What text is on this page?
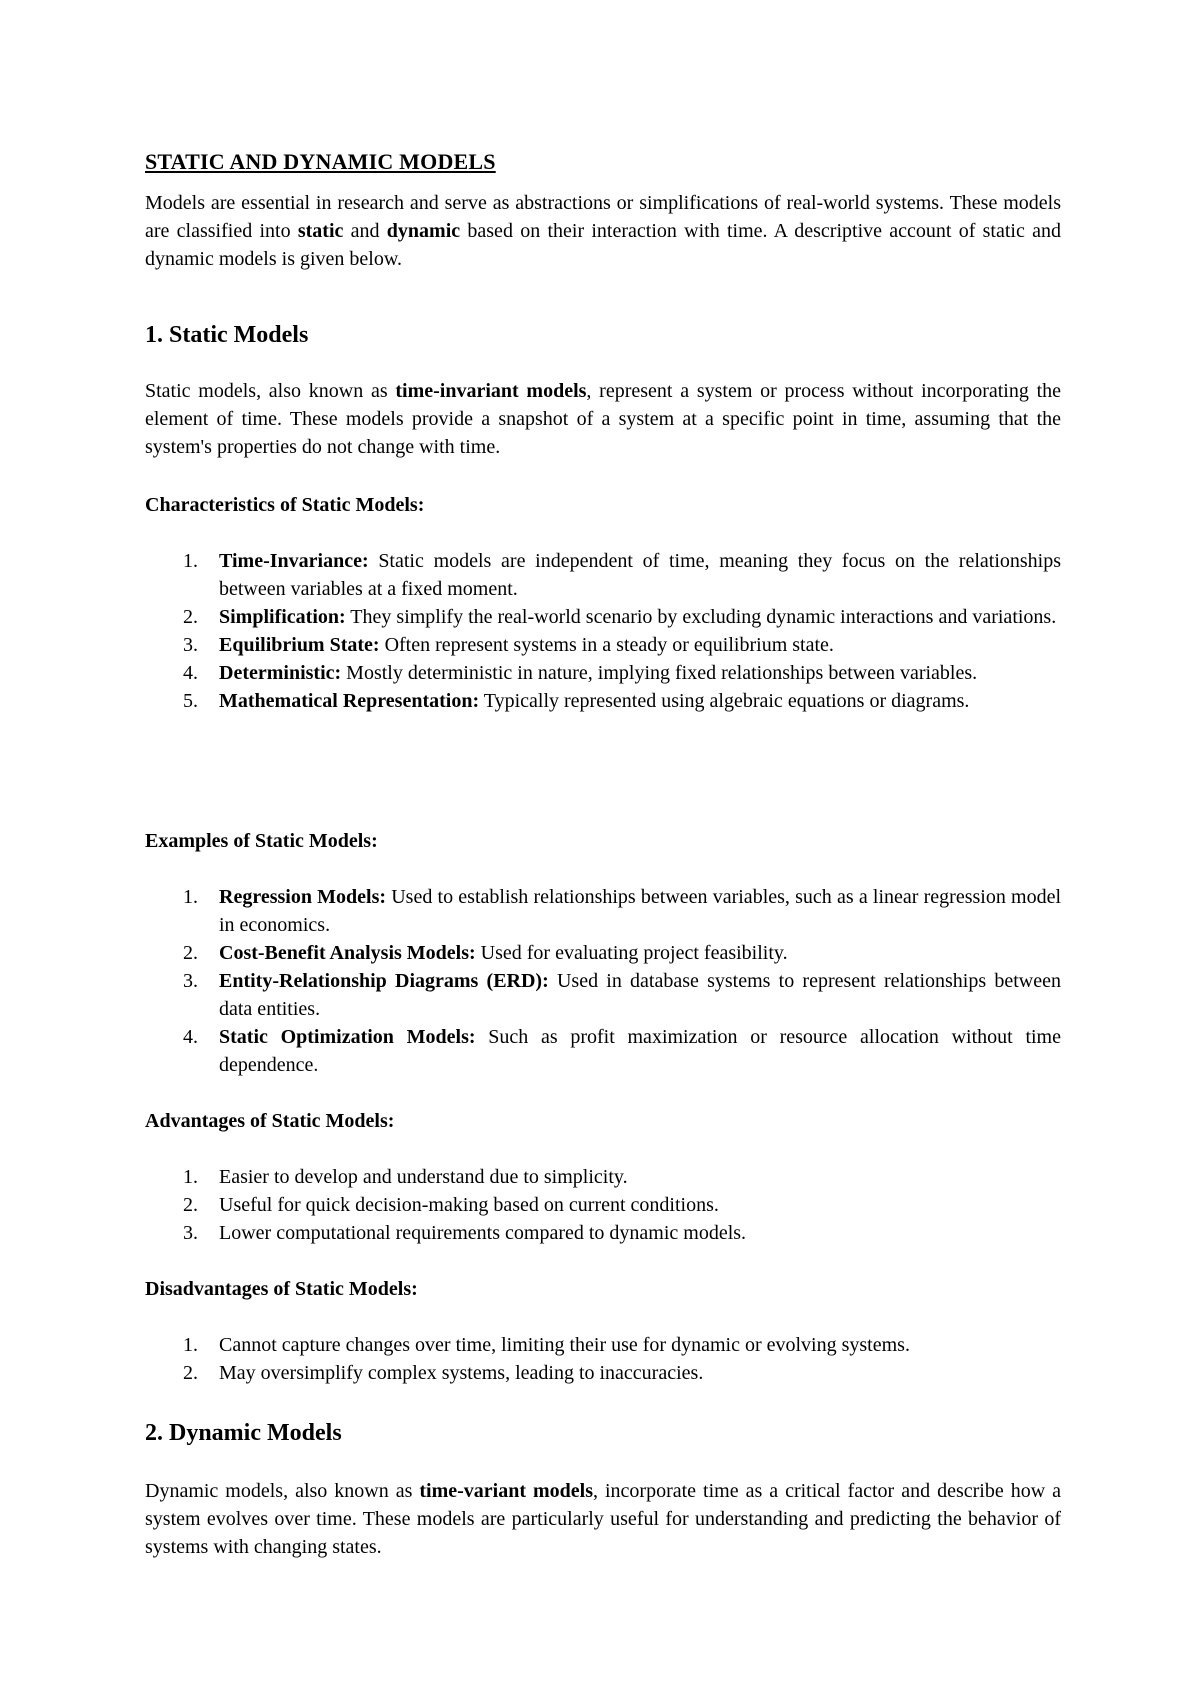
STATIC AND DYNAMIC MODELS

Models are essential in research and serve as abstractions or simplifications of real-world systems. These models are classified into static and dynamic based on their interaction with time. A descriptive account of static and dynamic models is given below.

1. Static Models

Static models, also known as time-invariant models, represent a system or process without incorporating the element of time. These models provide a snapshot of a system at a specific point in time, assuming that the system's properties do not change with time.

Characteristics of Static Models:
1. Time-Invariance: Static models are independent of time, meaning they focus on the relationships between variables at a fixed moment.
2. Simplification: They simplify the real-world scenario by excluding dynamic interactions and variations.
3. Equilibrium State: Often represent systems in a steady or equilibrium state.
4. Deterministic: Mostly deterministic in nature, implying fixed relationships between variables.
5. Mathematical Representation: Typically represented using algebraic equations or diagrams.
Examples of Static Models:
1. Regression Models: Used to establish relationships between variables, such as a linear regression model in economics.
2. Cost-Benefit Analysis Models: Used for evaluating project feasibility.
3. Entity-Relationship Diagrams (ERD): Used in database systems to represent relationships between data entities.
4. Static Optimization Models: Such as profit maximization or resource allocation without time dependence.
Advantages of Static Models:
1. Easier to develop and understand due to simplicity.
2. Useful for quick decision-making based on current conditions.
3. Lower computational requirements compared to dynamic models.
Disadvantages of Static Models:
1. Cannot capture changes over time, limiting their use for dynamic or evolving systems.
2. May oversimplify complex systems, leading to inaccuracies.
2. Dynamic Models

Dynamic models, also known as time-variant models, incorporate time as a critical factor and describe how a system evolves over time. These models are particularly useful for understanding and predicting the behavior of systems with changing states.
